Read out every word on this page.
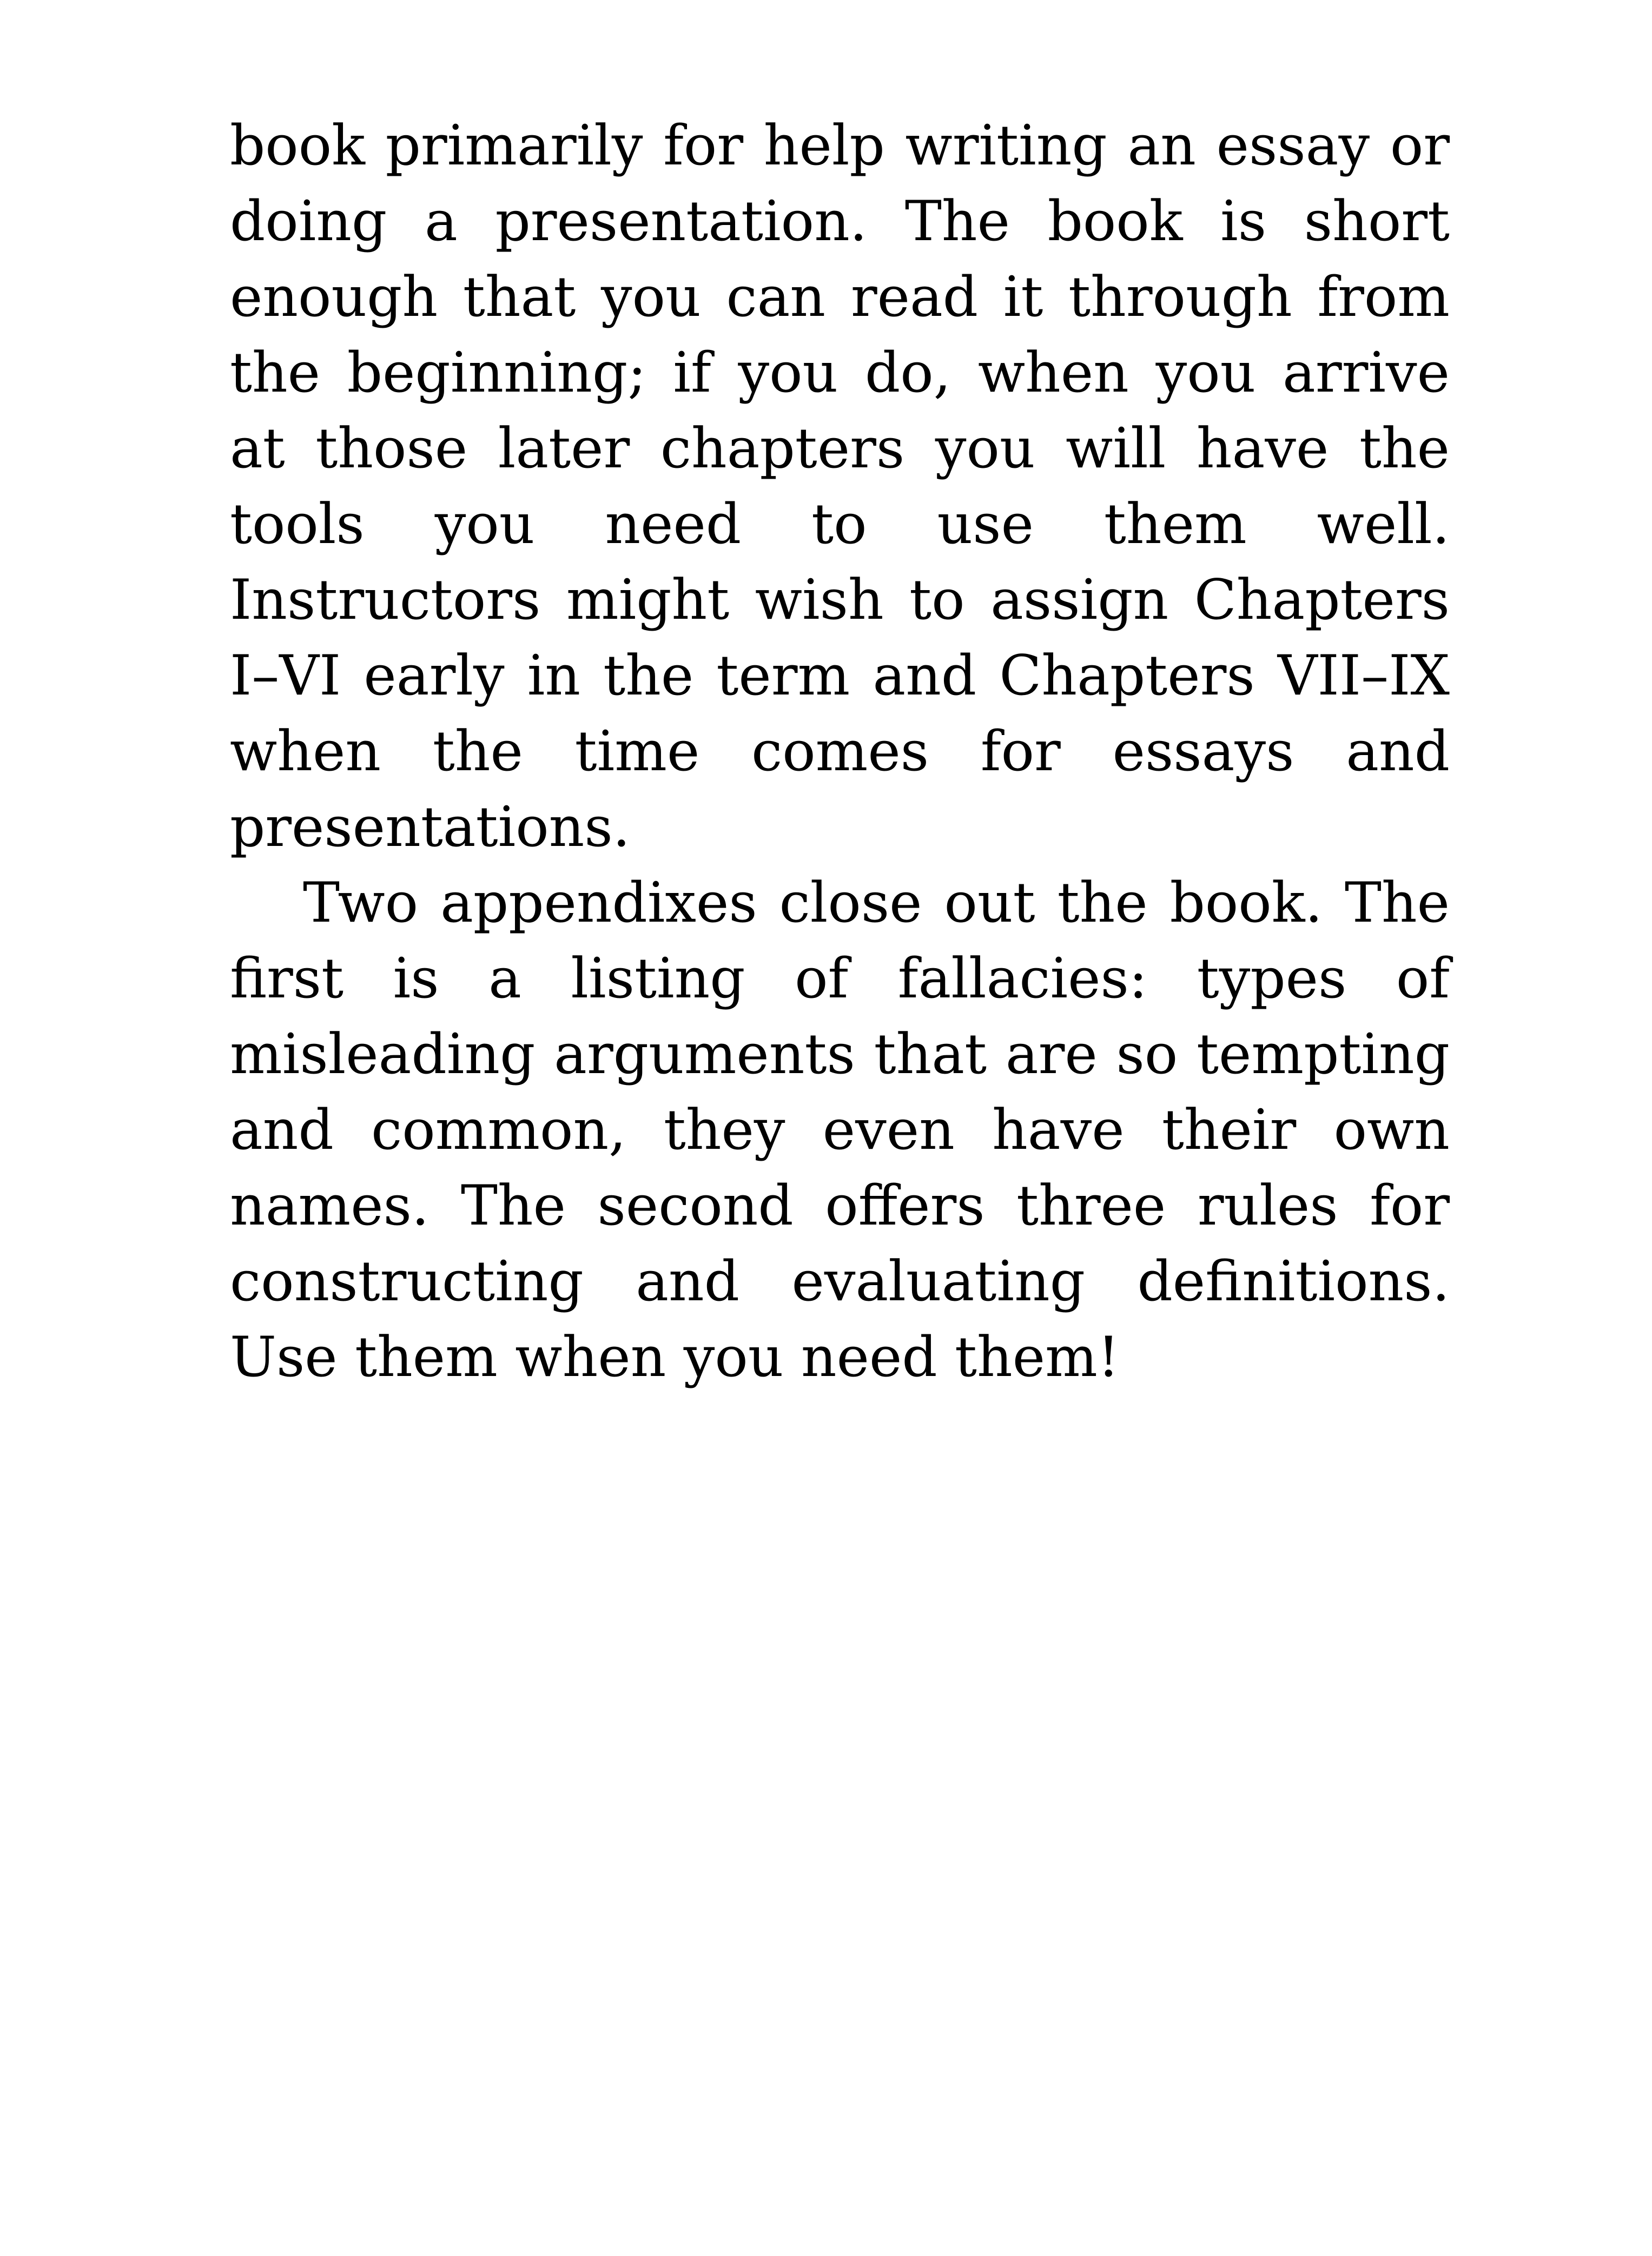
book primarily for help writing an essay or doing a presentation. The book is short enough that you can read it through from the beginning; if you do, when you arrive at those later chapters you will have the tools you need to use them well. Instructors might wish to assign Chapters I–VI early in the term and Chapters VII–IX when the time comes for essays and presentations.

Two appendixes close out the book. The first is a listing of fallacies: types of misleading arguments that are so tempting and common, they even have their own names. The second offers three rules for constructing and evaluating definitions. Use them when you need them!
